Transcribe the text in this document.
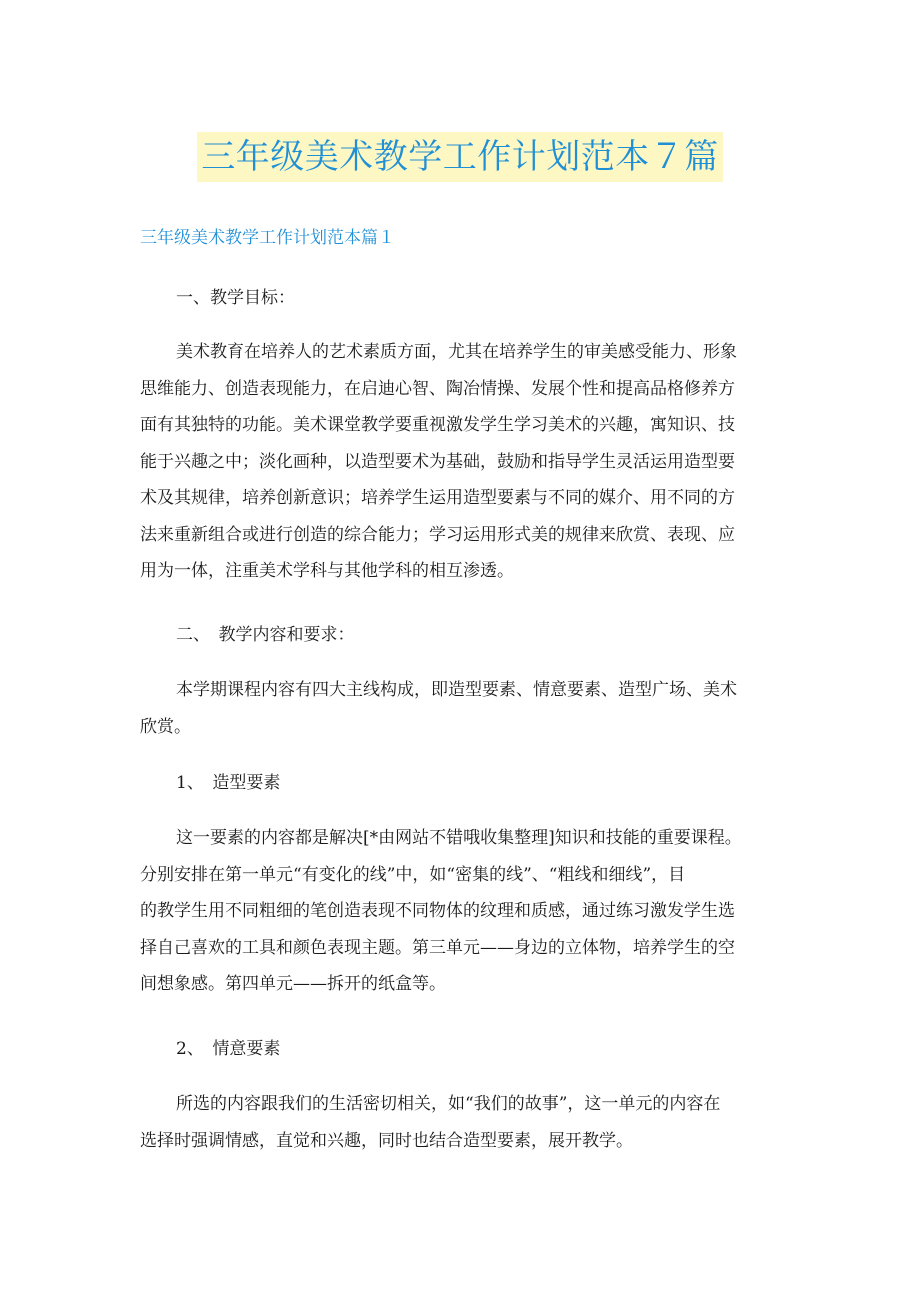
三年级美术教学工作计划范本７篇
三年级美术教学工作计划范本篇１
一、教学目标：
美术教育在培养人的艺术素质方面，尤其在培养学生的审美感受能力、形象
思维能力、创造表现能力，在启迪心智、陶冶情操、发展个性和提高品格修养方
面有其独特的功能。美术课堂教学要重视激发学生学习美术的兴趣，寓知识、技
能于兴趣之中；淡化画种，以造型要术为基础，鼓励和指导学生灵活运用造型要
术及其规律，培养创新意识；培养学生运用造型要素与不同的媒介、用不同的方
法来重新组合或进行创造的综合能力；学习运用形式美的规律来欣赏、表现、应
用为一体，注重美术学科与其他学科的相互渗透。
二、　教学内容和要求：
本学期课程内容有四大主线构成，即造型要素、情意要素、造型广场、美术
欣赏。
1、　造型要素
这一要素的内容都是解决[*由网站不错哦收集整理]知识和技能的重要课程。
分别安排在第一单元“有变化的线”中，如“密集的线”、“粗线和细线”，目
的教学生用不同粗细的笔创造表现不同物体的纹理和质感，通过练习激发学生选
择自己喜欢的工具和颜色表现主题。第三单元——身边的立体物，培养学生的空
间想象感。第四单元——拆开的纸盒等。
2、　情意要素
所选的内容跟我们的生活密切相关，如“我们的故事”，这一单元的内容在
选择时强调情感，直觉和兴趣，同时也结合造型要素，展开教学。
